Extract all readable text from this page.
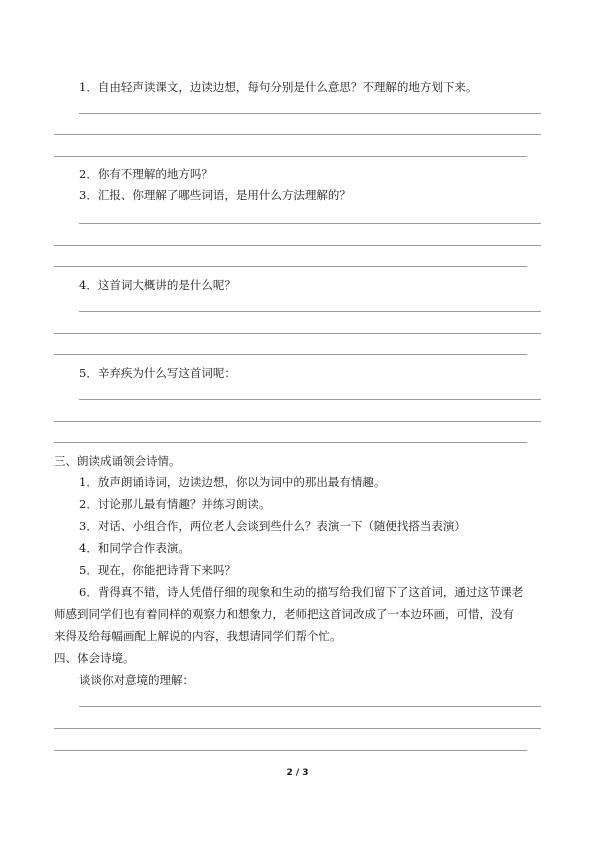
1．自由轻声读课文，边读边想，每句分别是什么意思？不理解的地方划下来。
2．你有不理解的地方吗？
3．汇报、你理解了哪些词语，是用什么方法理解的？
4．这首词大概讲的是什么呢？
5．辛弃疾为什么写这首词呢：
三、朗读成诵领会诗情。
1．放声朗诵诗词，边读边想，你以为词中的那出最有情趣。
2．讨论那儿最有情趣？并练习朗读。
3．对话、小组合作，两位老人会谈到些什么？表演一下（随便找搭当表演）
4．和同学合作表演。
5．现在，你能把诗背下来吗？
6．背得真不错，诗人凭借仔细的现象和生动的描写给我们留下了这首词，通过这节课老
师感到同学们也有着同样的观察力和想象力，老师把这首词改成了一本边环画，可惜，没有
来得及给每幅画配上解说的内容，我想请同学们帮个忙。
四、体会诗境。
谈谈你对意境的理解：
2 / 3
